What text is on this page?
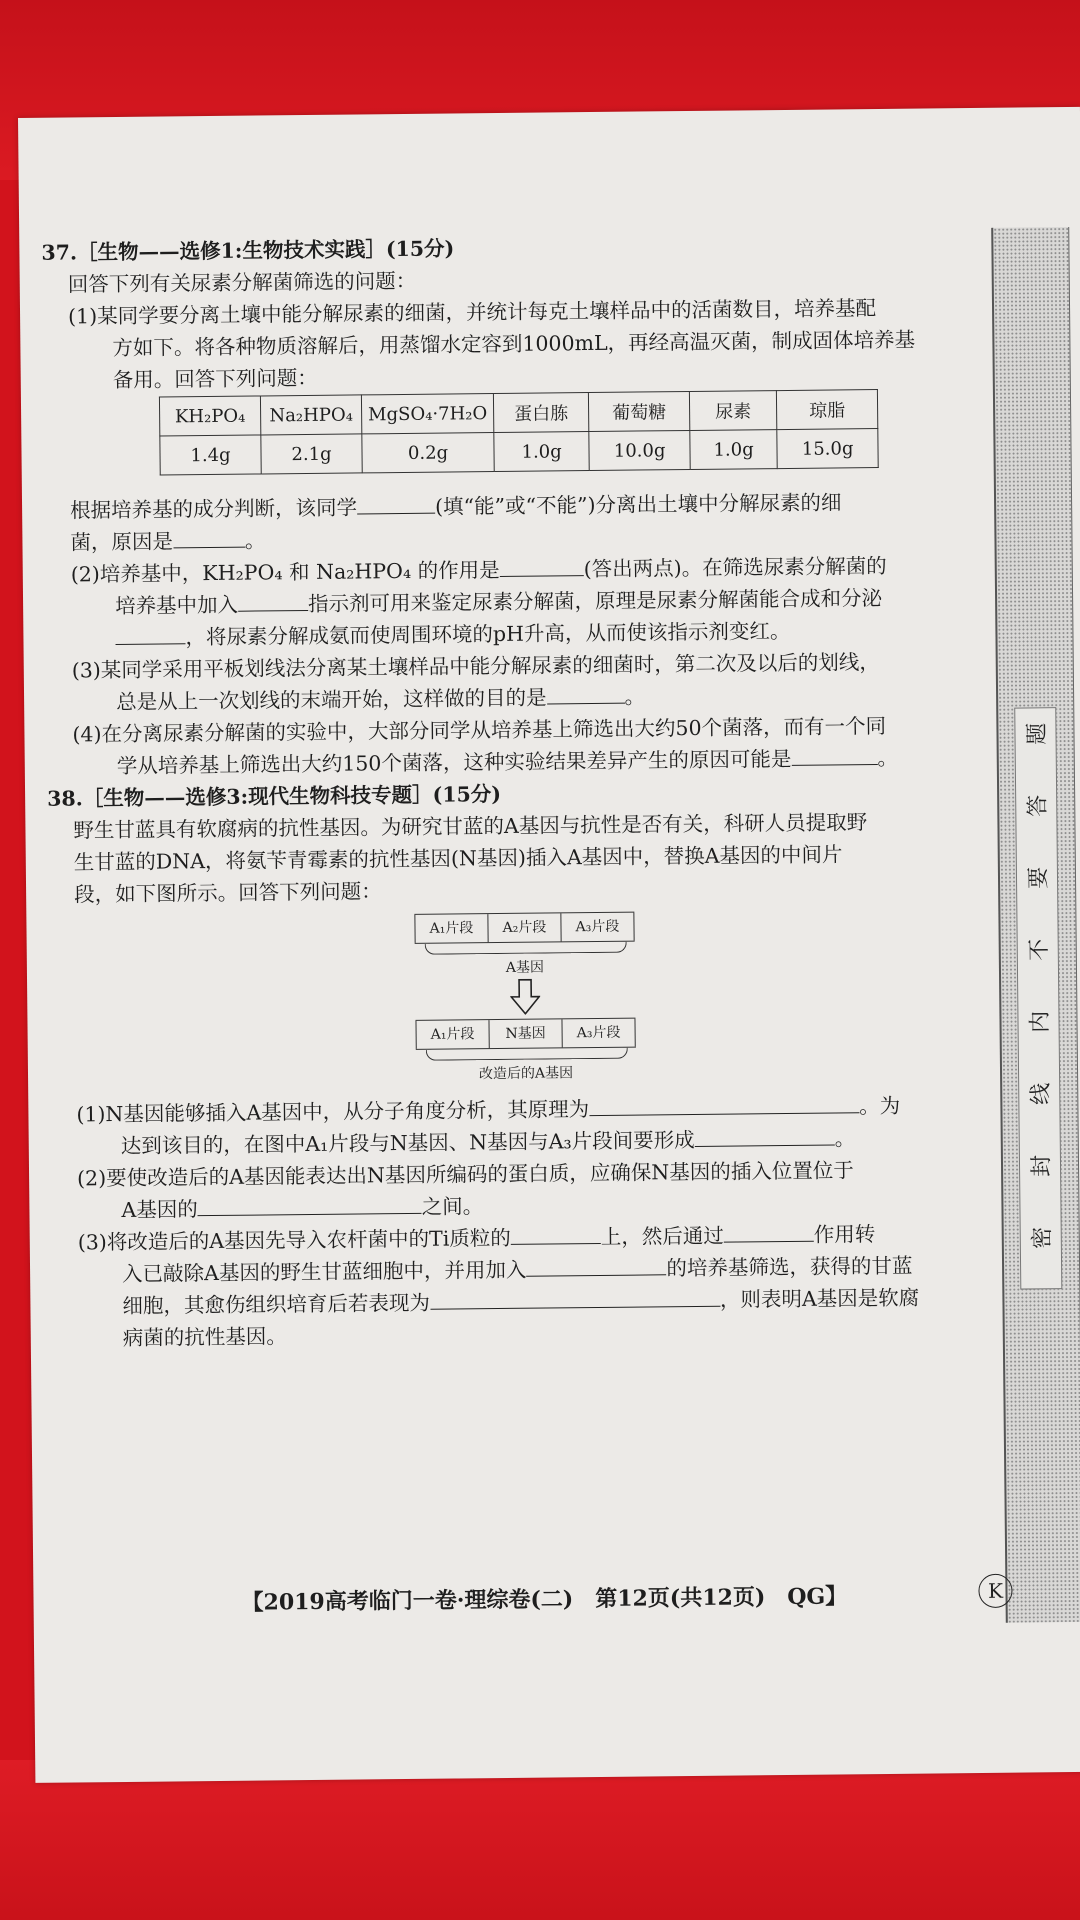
题
答
要
不
内
线
封
密
37.［生物——选修1:生物技术实践］(15分)
回答下列有关尿素分解菌筛选的问题：
(1)某同学要分离土壤中能分解尿素的细菌，并统计每克土壤样品中的活菌数目，培养基配
方如下。将各种物质溶解后，用蒸馏水定容到1000mL，再经高温灭菌，制成固体培养基
备用。回答下列问题：
KH₂PO₄	Na₂HPO₄	MgSO₄·7H₂O	蛋白胨	葡萄糖	尿素	琼脂
1.4g	2.1g	0.2g	1.0g	10.0g	1.0g	15.0g
根据培养基的成分判断，该同学	(填“能”或“不能”)分离出土壤中分解尿素的细
菌，原因是	。
(2)培养基中，KH₂PO₄ 和 Na₂HPO₄ 的作用是	(答出两点)。在筛选尿素分解菌的
培养基中加入	指示剂可用来鉴定尿素分解菌，原理是尿素分解菌能合成和分泌
，将尿素分解成氨而使周围环境的pH升高，从而使该指示剂变红。
(3)某同学采用平板划线法分离某土壤样品中能分解尿素的细菌时，第二次及以后的划线，
总是从上一次划线的末端开始，这样做的目的是	。
(4)在分离尿素分解菌的实验中，大部分同学从培养基上筛选出大约50个菌落，而有一个同
学从培养基上筛选出大约150个菌落，这种实验结果差异产生的原因可能是	。
38.［生物——选修3:现代生物科技专题］(15分)
野生甘蓝具有软腐病的抗性基因。为研究甘蓝的A基因与抗性是否有关，科研人员提取野
生甘蓝的DNA，将氨苄青霉素的抗性基因(N基因)插入A基因中，替换A基因的中间片
段，如下图所示。回答下列问题：
A₁片段	A₂片段	A₃片段
A基因
A₁片段	N基因	A₃片段
改造后的A基因
(1)N基因能够插入A基因中，从分子角度分析，其原理为	。为
达到该目的，在图中A₁片段与N基因、N基因与A₃片段间要形成	。
(2)要使改造后的A基因能表达出N基因所编码的蛋白质，应确保N基因的插入位置位于
A基因的	之间。
(3)将改造后的A基因先导入农杆菌中的Ti质粒的	上，然后通过	作用转
入已敲除A基因的野生甘蓝细胞中，并用加入	的培养基筛选，获得的甘蓝
细胞，其愈伤组织培育后若表现为	，则表明A基因是软腐
病菌的抗性基因。
【2019高考临门一卷·理综卷(二)　第12页(共12页)　QG】	K
